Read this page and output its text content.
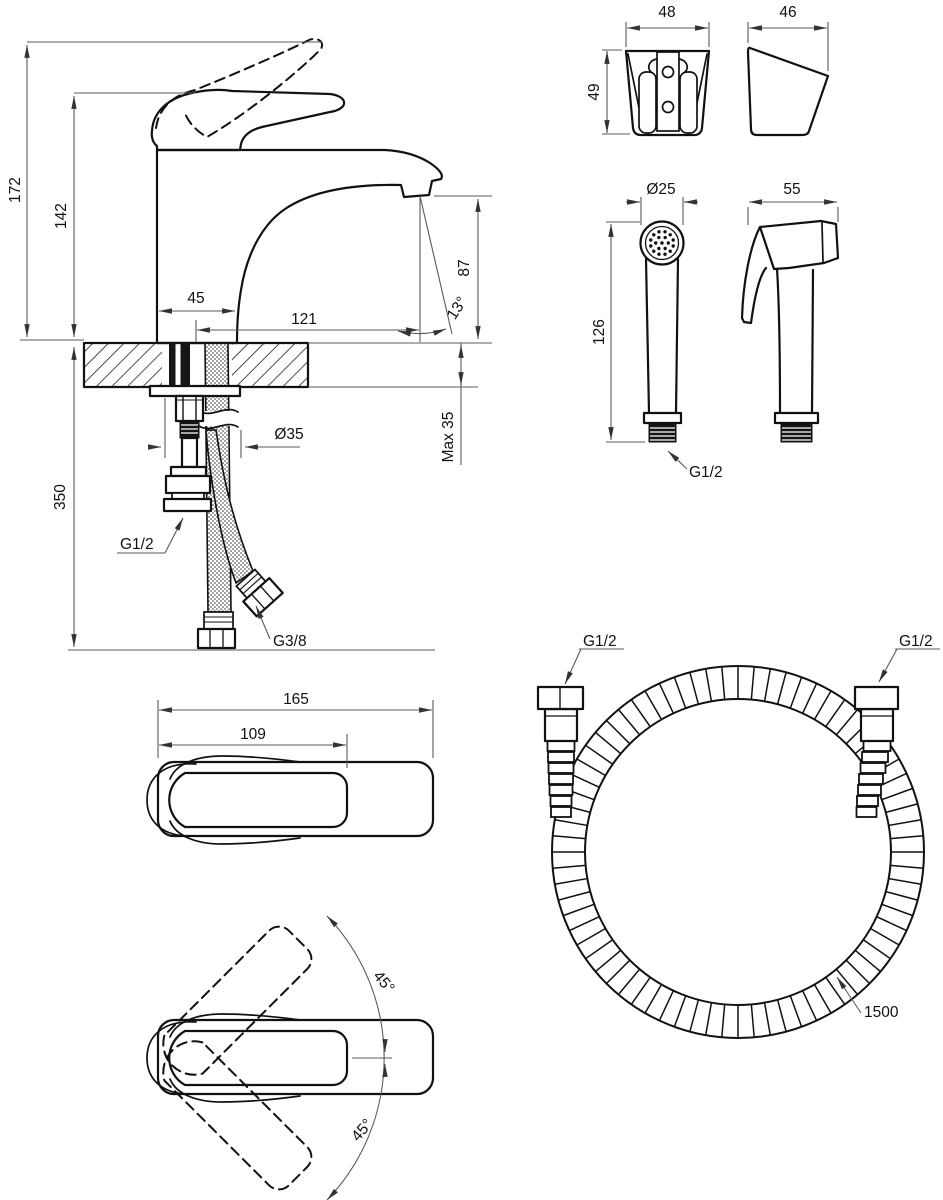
172
142
350
45
121
87
13°
Ø35	Max 35
G1/2
G3/8
48
49
46
Ø25
126
55
G1/2
165
109
45°
45°
G1/2	G1/2
1500
